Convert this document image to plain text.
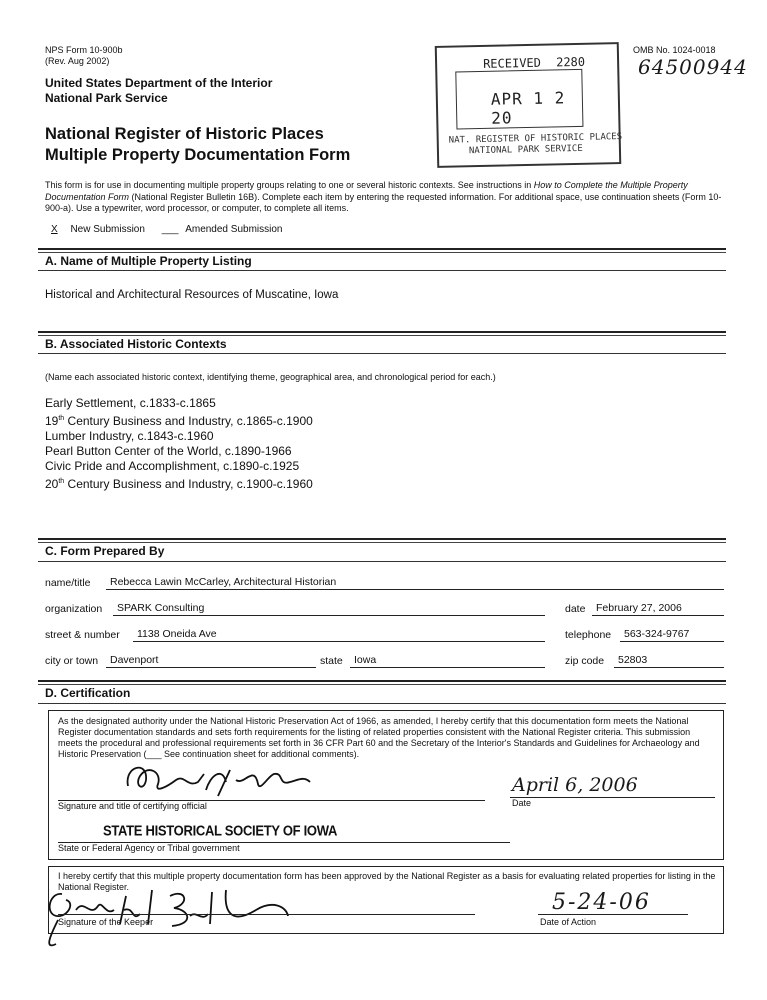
NPS Form 10-900b
(Rev. Aug 2002)
United States Department of the Interior
National Park Service
National Register of Historic Places
Multiple Property Documentation Form
OMB No. 1024-0018
64500944
RECEIVED 2280
APR 1 2 20
NAT. REGISTER OF HISTORIC PLACES
NATIONAL PARK SERVICE
This form is for use in documenting multiple property groups relating to one or several historic contexts. See instructions in How to Complete the Multiple Property Documentation Form (National Register Bulletin 16B). Complete each item by entering the requested information. For additional space, use continuation sheets (Form 10-900-a). Use a typewriter, word processor, or computer, to complete all items.
X New Submission ___ Amended Submission
A. Name of Multiple Property Listing
Historical and Architectural Resources of Muscatine, Iowa
B. Associated Historic Contexts
(Name each associated historic context, identifying theme, geographical area, and chronological period for each.)
Early Settlement, c.1833-c.1865
19th Century Business and Industry, c.1865-c.1900
Lumber Industry, c.1843-c.1960
Pearl Button Center of the World, c.1890-1966
Civic Pride and Accomplishment, c.1890-c.1925
20th Century Business and Industry, c.1900-c.1960
C. Form Prepared By
name/title	Rebecca Lawin McCarley, Architectural Historian
organization	SPARK Consulting	date	February 27, 2006
street & number	1138 Oneida Ave	telephone	563-324-9767
city or town	Davenport	state	Iowa	zip code	52803
D. Certification
As the designated authority under the National Historic Preservation Act of 1966, as amended, I hereby certify that this documentation form meets the National Register documentation standards and sets forth requirements for the listing of related properties consistent with the National Register criteria. This submission meets the procedural and professional requirements set forth in 36 CFR Part 60 and the Secretary of the Interior's Standards and Guidelines for Archaeology and Historic Preservation (___ See continuation sheet for additional comments).
Signature and title of certifying official
April 6, 2006
Date
STATE HISTORICAL SOCIETY OF IOWA
State or Federal Agency or Tribal government
I hereby certify that this multiple property documentation form has been approved by the National Register as a basis for evaluating related properties for listing in the National Register.
Signature of the Keeper
5-24-06
Date of Action
